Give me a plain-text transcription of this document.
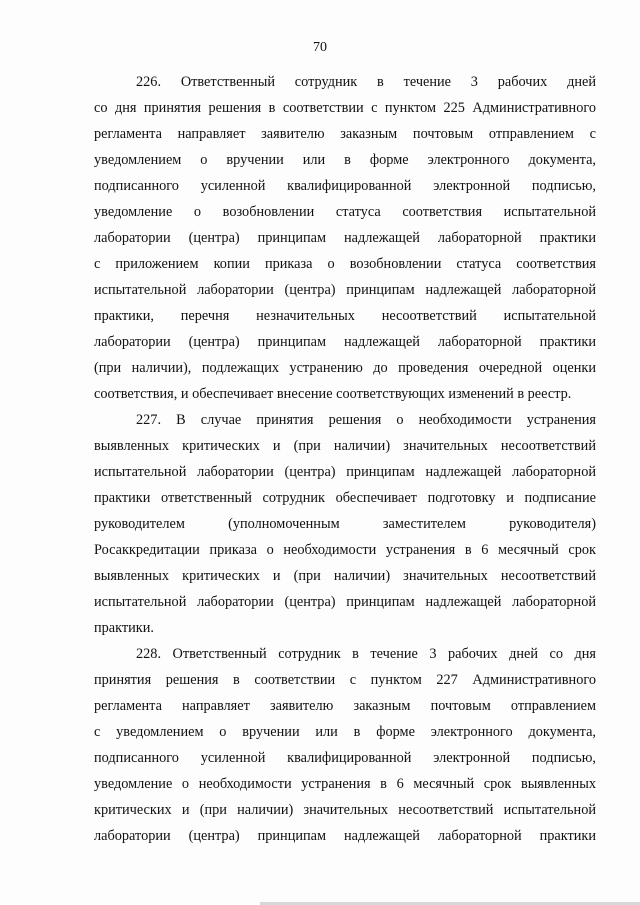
70
226. Ответственный сотрудник в течение 3 рабочих дней
со дня принятия решения в соответствии с пунктом 225 Административного
регламента направляет заявителю заказным почтовым отправлением с
уведомлением о вручении или в форме электронного документа,
подписанного усиленной квалифицированной электронной подписью,
уведомление о возобновлении статуса соответствия испытательной
лаборатории (центра) принципам надлежащей лабораторной практики
с приложением копии приказа о возобновлении статуса соответствия
испытательной лаборатории (центра) принципам надлежащей лабораторной
практики, перечня незначительных несоответствий испытательной
лаборатории (центра) принципам надлежащей лабораторной практики
(при наличии), подлежащих устранению до проведения очередной оценки
соответствия, и обеспечивает внесение соответствующих изменений в реестр.
227. В случае принятия решения о необходимости устранения
выявленных критических и (при наличии) значительных несоответствий
испытательной лаборатории (центра) принципам надлежащей лабораторной
практики ответственный сотрудник обеспечивает подготовку и подписание
руководителем (уполномоченным заместителем руководителя)
Росаккредитации приказа о необходимости устранения в 6 месячный срок
выявленных критических и (при наличии) значительных несоответствий
испытательной лаборатории (центра) принципам надлежащей лабораторной
практики.
228. Ответственный сотрудник в течение 3 рабочих дней со дня
принятия решения в соответствии с пунктом 227 Административного
регламента направляет заявителю заказным почтовым отправлением
с уведомлением о вручении или в форме электронного документа,
подписанного усиленной квалифицированной электронной подписью,
уведомление о необходимости устранения в 6 месячный срок выявленных
критических и (при наличии) значительных несоответствий испытательной
лаборатории (центра) принципам надлежащей лабораторной практики
